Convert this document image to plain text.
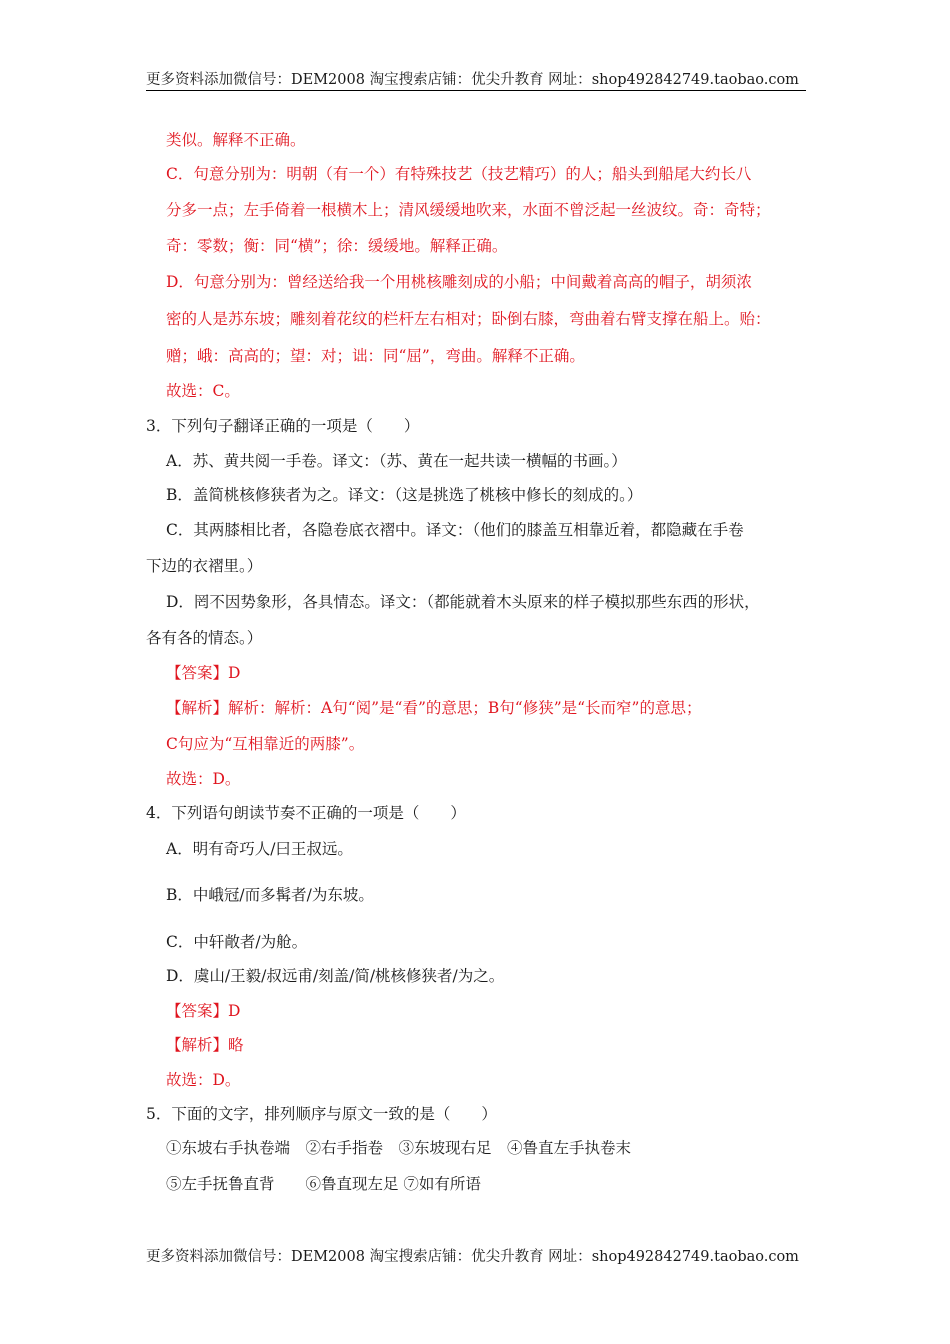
更多资料添加微信号：DEM2008 淘宝搜索店铺：优尖升教育 网址：shop492842749.taobao.com
类似。解释不正确。
C．句意分别为：明朝（有一个）有特殊技艺（技艺精巧）的人；船头到船尾大约长八
分多一点；左手倚着一根横木上；清风缓缓地吹来，水面不曾泛起一丝波纹。奇：奇特；
奇：零数；衡：同“横”；徐：缓缓地。解释正确。
D．句意分别为：曾经送给我一个用桃核雕刻成的小船；中间戴着高高的帽子，胡须浓
密的人是苏东坡；雕刻着花纹的栏杆左右相对；卧倒右膝，弯曲着右臂支撑在船上。贻：
赠；峨：高高的；望：对；诎：同“屈”，弯曲。解释不正确。
故选：C。
3．下列句子翻译正确的一项是（　　）
A．苏、黄共阅一手卷。译文：（苏、黄在一起共读一横幅的书画。）
B．盖简桃核修狭者为之。译文：（这是挑选了桃核中修长的刻成的。）
C．其两膝相比者，各隐卷底衣褶中。译文：（他们的膝盖互相靠近着，都隐藏在手卷
下边的衣褶里。）
D．罔不因势象形，各具情态。译文：（都能就着木头原来的样子模拟那些东西的形状，
各有各的情态。）
【答案】D
【解析】解析：解析：A句“阅”是“看”的意思；B句“修狭”是“长而窄”的意思；
C句应为“互相靠近的两膝”。
故选：D。
4．下列语句朗读节奏不正确的一项是（　　）
A．明有奇巧人/曰王叔远。
B．中峨冠/而多髯者/为东坡。
C．中轩敞者/为舱。
D．虞山/王毅/叔远甫/刻盖/简/桃核修狭者/为之。
【答案】D
【解析】略
故选：D。
5．下面的文字，排列顺序与原文一致的是（　　）
①东坡右手执卷端　②右手指卷　③东坡现右足　④鲁直左手执卷末
⑤左手抚鲁直背　　⑥鲁直现左足 ⑦如有所语
更多资料添加微信号：DEM2008 淘宝搜索店铺：优尖升教育 网址：shop492842749.taobao.com
